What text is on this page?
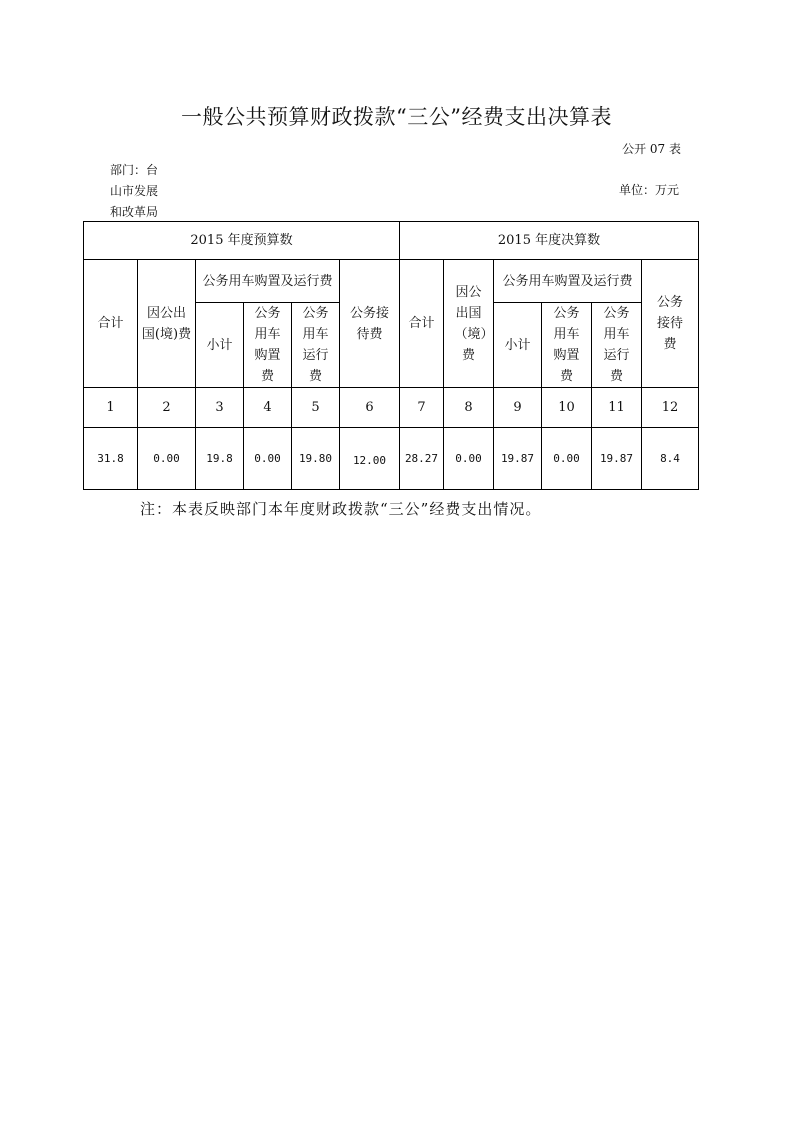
一般公共预算财政拨款“三公”经费支出决算表
公开 07 表
部门：台
山市发展
和改革局
单位：万元
2015 年度预算数						2015 年度决算数					
合计	因公出国(境)费	公务用车购置及运行费			公务接待费	合计	因公出国（境）费	公务用车购置及运行费			公务接待费
		小计	公务用车购置费	公务用车运行费				小计	公务用车购置费	公务用车运行费	
1	2	3	4	5	6	7	8	9	10	11	12
31.8	0.00	19.8	0.00	19.80	12.00	28.27	0.00	19.87	0.00	19.87	8.4
注：本表反映部门本年度财政拨款“三公”经费支出情况。
